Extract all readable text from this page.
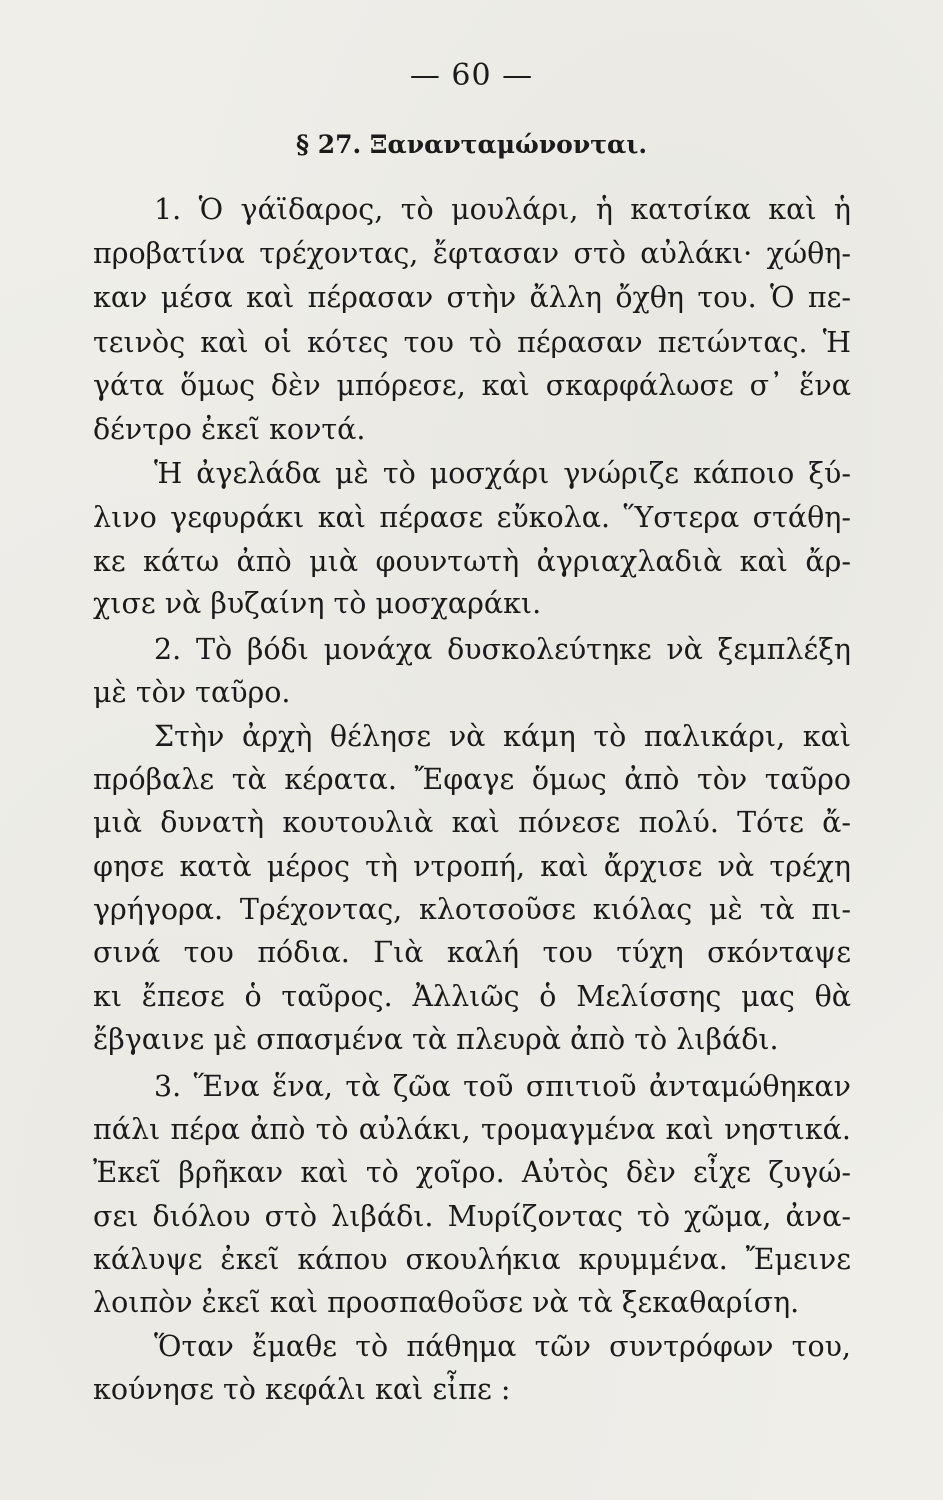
— 60 —
§ 27. Ξανανταμώνονται.
1. Ὁ γάϊδαρος, τὸ μουλάρι, ἡ κατσίκα καὶ ἡ
προβατίνα τρέχοντας, ἔφτασαν στὸ αὐλάκι· χώθη-
καν μέσα καὶ πέρασαν στὴν ἄλλη ὄχθη του. Ὁ πε-
τεινὸς καὶ οἱ κότες του τὸ πέρασαν πετώντας. Ἡ
γάτα ὅμως δὲν μπόρεσε, καὶ σκαρφάλωσε σ᾽ ἕνα
δέντρο ἐκεῖ κοντά.
Ἡ ἀγελάδα μὲ τὸ μοσχάρι γνώριζε κάποιο ξύ-
λινο γεφυράκι καὶ πέρασε εὔκολα. Ὕστερα στάθη-
κε κάτω ἀπὸ μιὰ φουντωτὴ ἀγριαχλαδιὰ καὶ ἄρ-
χισε νὰ βυζαίνη τὸ μοσχαράκι.
2. Τὸ βόδι μονάχα δυσκολεύτηκε νὰ ξεμπλέξη
μὲ τὸν ταῦρο.
Στὴν ἀρχὴ θέλησε νὰ κάμη τὸ παλικάρι, καὶ
πρόβαλε τὰ κέρατα. Ἔφαγε ὅμως ἀπὸ τὸν ταῦρο
μιὰ δυνατὴ κουτουλιὰ καὶ πόνεσε πολύ. Τότε ἄ-
φησε κατὰ μέρος τὴ ντροπή, καὶ ἄρχισε νὰ τρέχη
γρήγορα. Τρέχοντας, κλοτσοῦσε κιόλας μὲ τὰ πι-
σινά του πόδια. Γιὰ καλή του τύχη σκόνταψε
κι ἔπεσε ὁ ταῦρος. Ἀλλιῶς ὁ Μελίσσης μας θὰ
ἔβγαινε μὲ σπασμένα τὰ πλευρὰ ἀπὸ τὸ λιβάδι.
3. Ἕνα ἕνα, τὰ ζῶα τοῦ σπιτιοῦ ἀνταμώθηκαν
πάλι πέρα ἀπὸ τὸ αὐλάκι, τρομαγμένα καὶ νηστικά.
Ἐκεῖ βρῆκαν καὶ τὸ χοῖρο. Αὐτὸς δὲν εἶχε ζυγώ-
σει διόλου στὸ λιβάδι. Μυρίζοντας τὸ χῶμα, ἀνα-
κάλυψε ἐκεῖ κάπου σκουλήκια κρυμμένα. Ἔμεινε
λοιπὸν ἐκεῖ καὶ προσπαθοῦσε νὰ τὰ ξεκαθαρίση.
Ὅταν ἔμαθε τὸ πάθημα τῶν συντρόφων του,
κούνησε τὸ κεφάλι καὶ εἶπε :
